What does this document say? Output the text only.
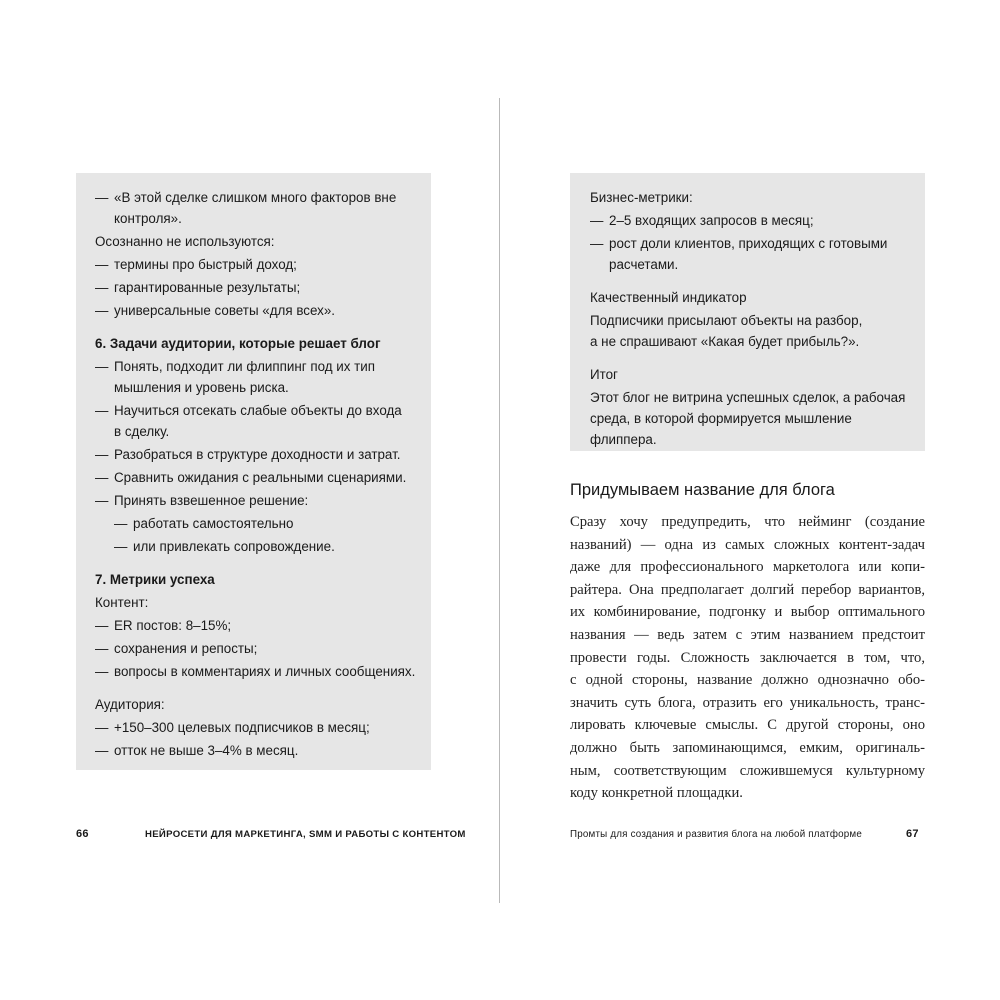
— «В этой сделке слишком много факторов вне
контроля».
Осознанно не используются:
— термины про быстрый доход;
— гарантированные результаты;
— универсальные советы «для всех».
6. Задачи аудитории, которые решает блог
— Понять, подходит ли флиппинг под их тип
мышления и уровень риска.
— Научиться отсекать слабые объекты до входа
в сделку.
— Разобраться в структуре доходности и затрат.
— Сравнить ожидания с реальными сценариями.
— Принять взвешенное решение:
— работать самостоятельно
— или привлекать сопровождение.
7. Метрики успеха
Контент:
— ER постов: 8–15%;
— сохранения и репосты;
— вопросы в комментариях и личных сообщениях.
Аудитория:
— +150–300 целевых подписчиков в месяц;
— отток не выше 3–4% в месяц.
66	НЕЙРОСЕТИ ДЛЯ МАРКЕТИНГА, SMM И РАБОТЫ С КОНТЕНТОМ
Бизнес-метрики:
— 2–5 входящих запросов в месяц;
— рост доли клиентов, приходящих с готовыми
расчетами.
Качественный индикатор
Подписчики присылают объекты на разбор,
а не спрашивают «Какая будет прибыль?».
Итог
Этот блог не витрина успешных сделок, а рабочая
среда, в которой формируется мышление
флиппера.
Придумываем название для блога
Сразу хочу предупредить, что нейминг (создание
названий) — одна из самых сложных контент-задач
даже для профессионального маркетолога или копи-
райтера. Она предполагает долгий перебор вариантов,
их комбинирование, подгонку и выбор оптимального
названия — ведь затем с этим названием предстоит
провести годы. Сложность заключается в том, что,
с одной стороны, название должно однозначно обо-
значить суть блога, отразить его уникальность, транс-
лировать ключевые смыслы. С другой стороны, оно
должно быть запоминающимся, емким, оригиналь-
ным, соответствующим сложившемуся культурному
коду конкретной площадки.
Промты для создания и развития блога на любой платформе	67
